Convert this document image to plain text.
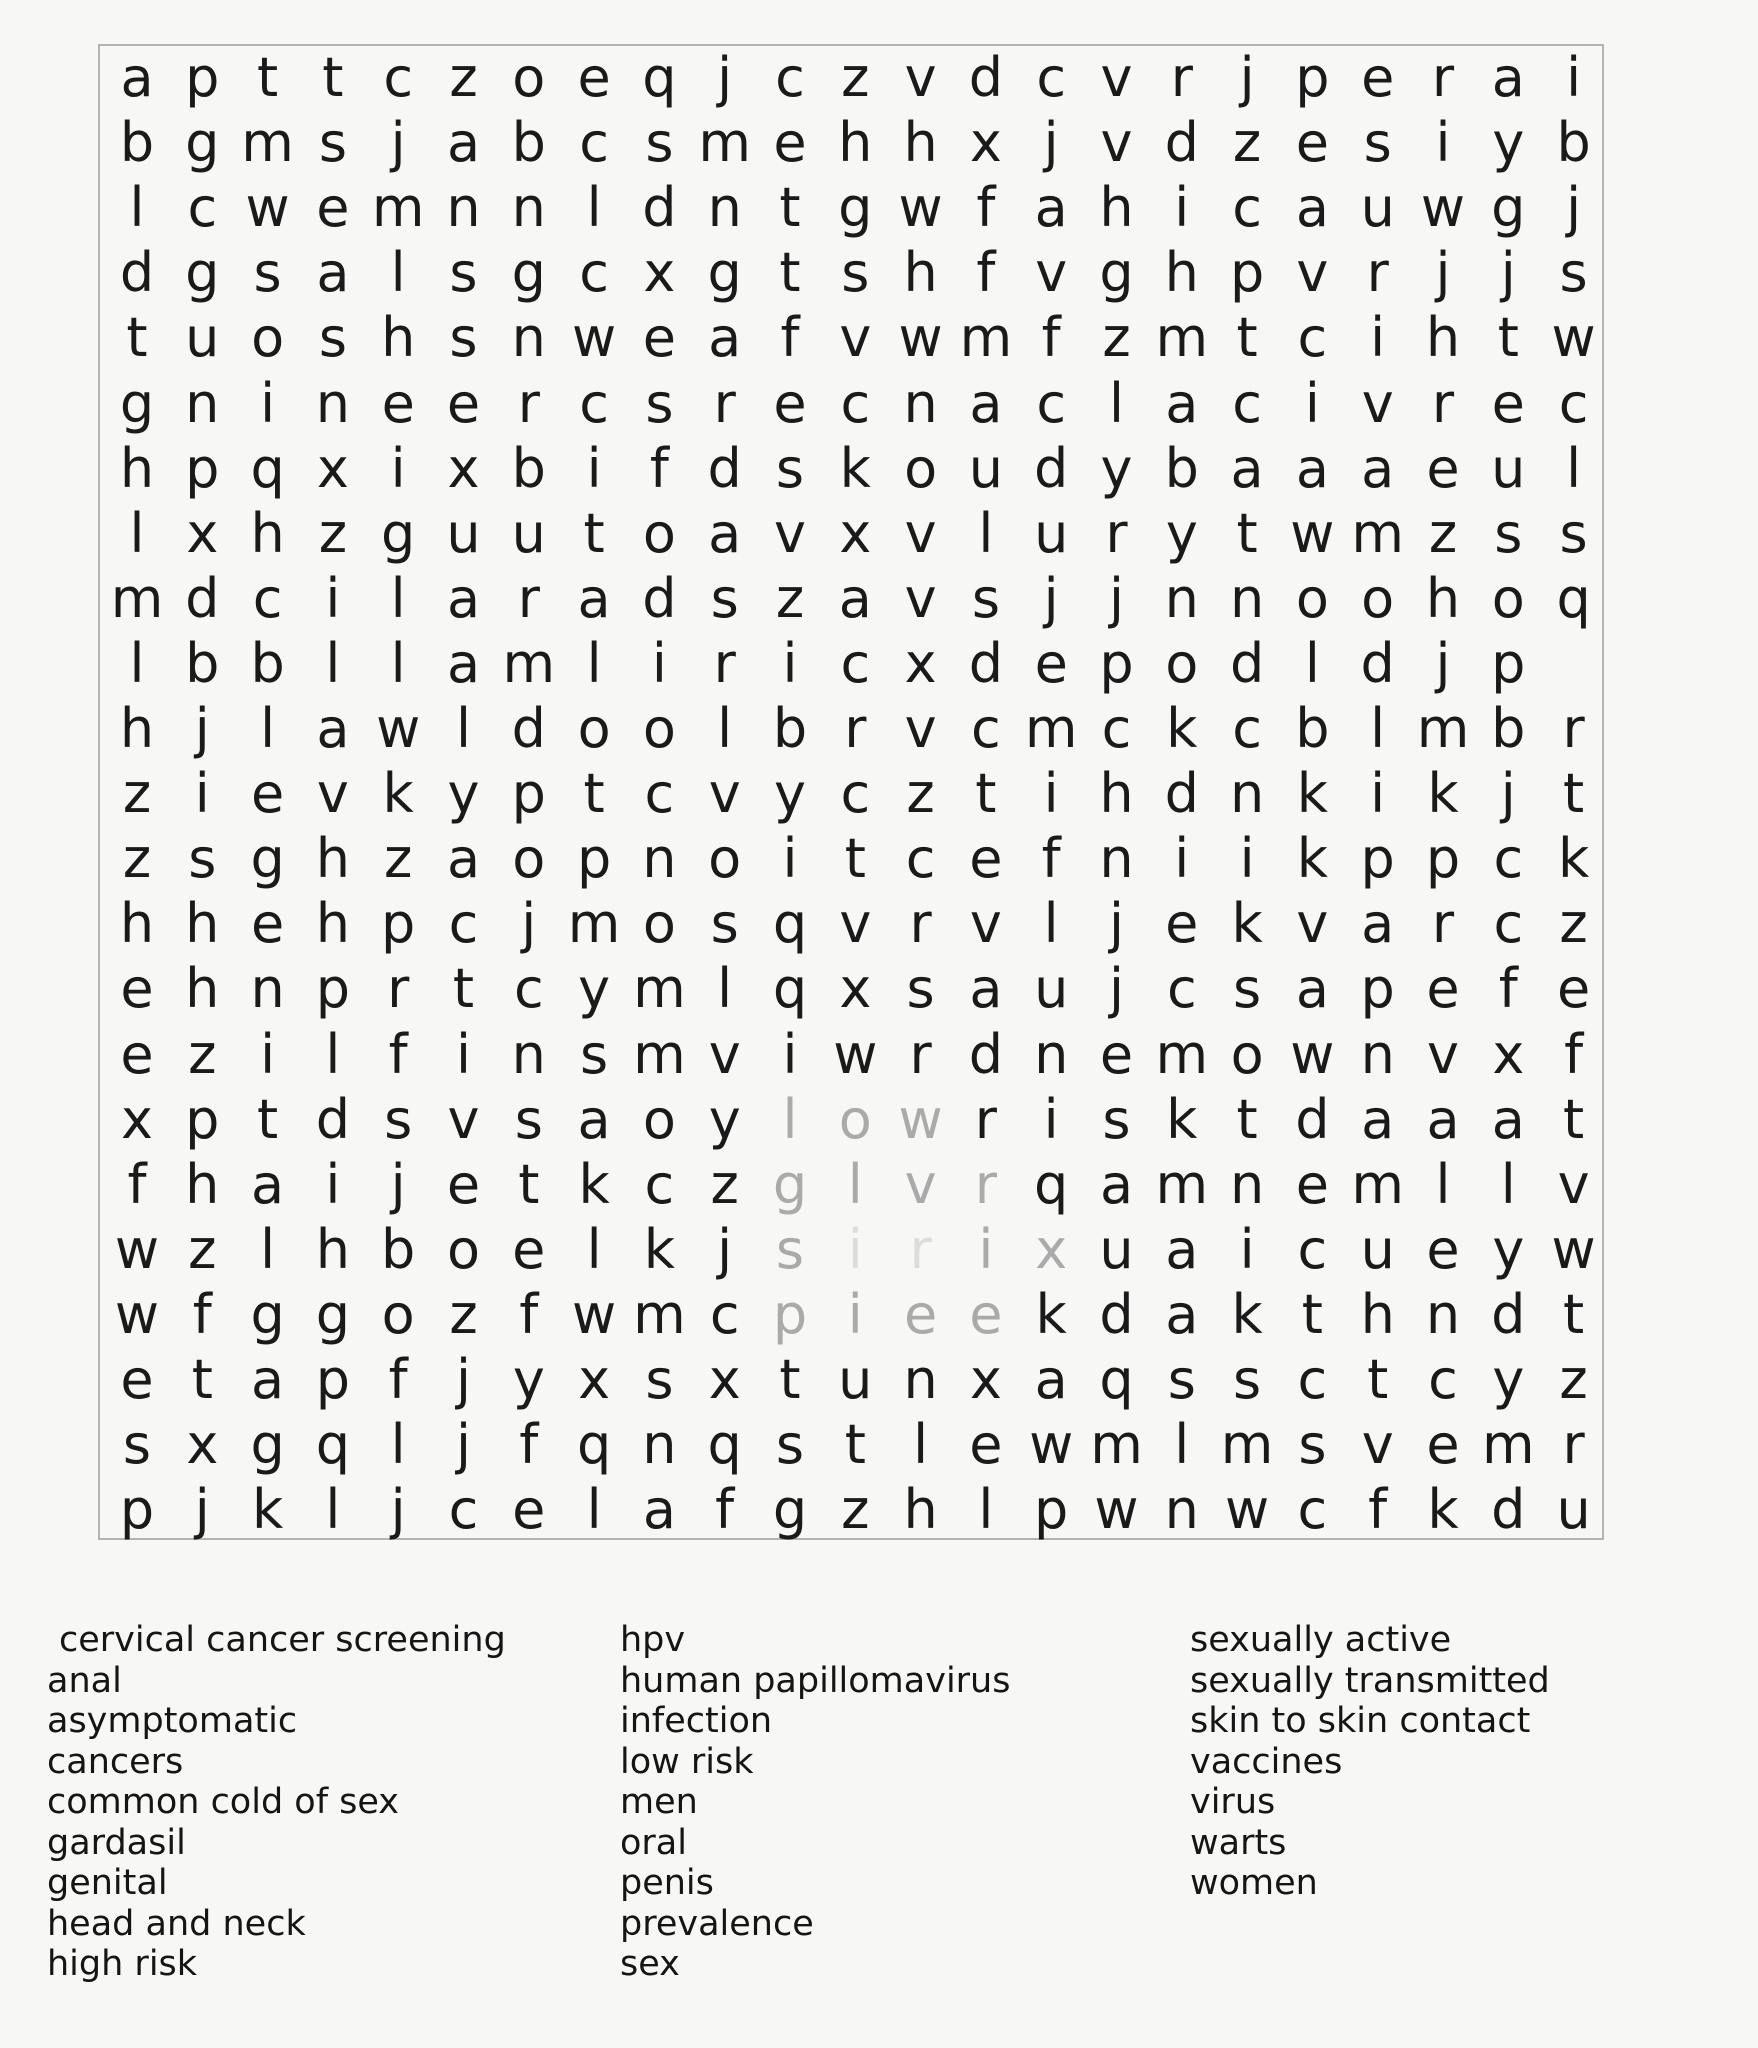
a p t t c z o e q j c z v d c v r j p e r a i
b g m s j a b c s m e h h x j v d z e s i y b
l c w e m n n l d n t g w f a h i c a u w g j
d g s a l s g c x g t s h f v g h p v r j j s
t u o s h s n w e a f v w m f z m t c i h t w
g n i n e e r c s r e c n a c l a c i v r e c
h p q x i x b i f d s k o u d y b a a a e u l
l x h z g u u t o a v x v l u r y t w m z s s
m d c i l a r a d s z a v s j j n n o o h o q
l b b l l a m l i r i c x d e p o d l d j p
h j l a w l d o o l b r v c m c k c b l m b r
z i e v k y p t c v y c z t i h d n k i k j t
z s g h z a o p n o i t c e f n i i k p p c k
h h e h p c j m o s q v r v l j e k v a r c z
e h n p r t c y m l q x s a u j c s a p e f e
e z i l f i n s m v i w r d n e m o w n v x f
x p t d s v s a o y l o w r i s k t d a a a t
f h a i j e t k c z g l v r q a m n e m l l v
w z l h b o e l k j s i r i x u a i c u e y w
w f g g o z f w m c p i e e k d a k t h n d t
e t a p f j y x s x t u n x a q s s c t c y z
s x g q l j f q n q s t l e w m l m s v e m r
p j k l j c e l a f g z h l p w n w c f k d u
cervical cancer screening
anal
asymptomatic
cancers
common cold of sex
gardasil
genital
head and neck
high risk
hpv
human papillomavirus
infection
low risk
men
oral
penis
prevalence
sex
sexually active
sexually transmitted
skin to skin contact
vaccines
virus
warts
women
